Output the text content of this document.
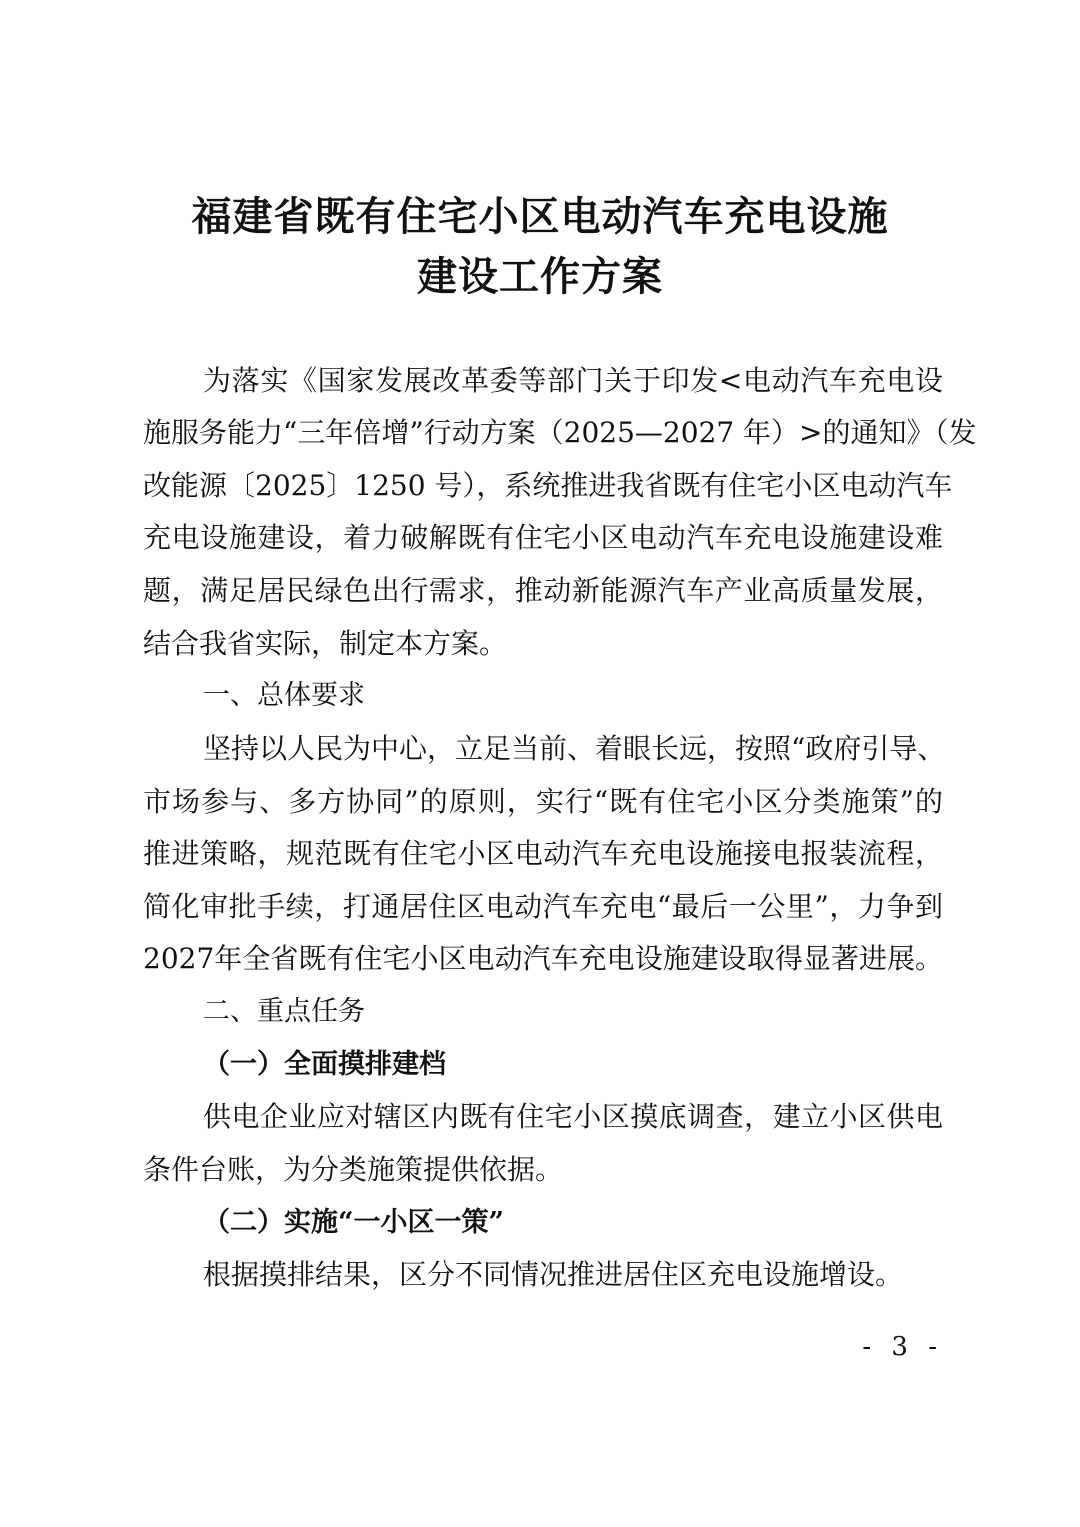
福建省既有住宅小区电动汽车充电设施
建设工作方案
为落实《国家发展改革委等部门关于印发<电动汽车充电设
施服务能力“三年倍增”行动方案（2025—2027 年）>的通知》（发
改能源〔2025〕1250 号），系统推进我省既有住宅小区电动汽车
充电设施建设，着力破解既有住宅小区电动汽车充电设施建设难
题，满足居民绿色出行需求，推动新能源汽车产业高质量发展，
结合我省实际，制定本方案。
一、总体要求
坚持以人民为中心，立足当前、着眼长远，按照“政府引导、
市场参与、多方协同”的原则，实行“既有住宅小区分类施策”的
推进策略，规范既有住宅小区电动汽车充电设施接电报装流程，
简化审批手续，打通居住区电动汽车充电“最后一公里”，力争到
2027年全省既有住宅小区电动汽车充电设施建设取得显著进展。
二、重点任务
（一）全面摸排建档
供电企业应对辖区内既有住宅小区摸底调查，建立小区供电
条件台账，为分类施策提供依据。
（二）实施“一小区一策”
根据摸排结果，区分不同情况推进居住区充电设施增设。
- 3 -
